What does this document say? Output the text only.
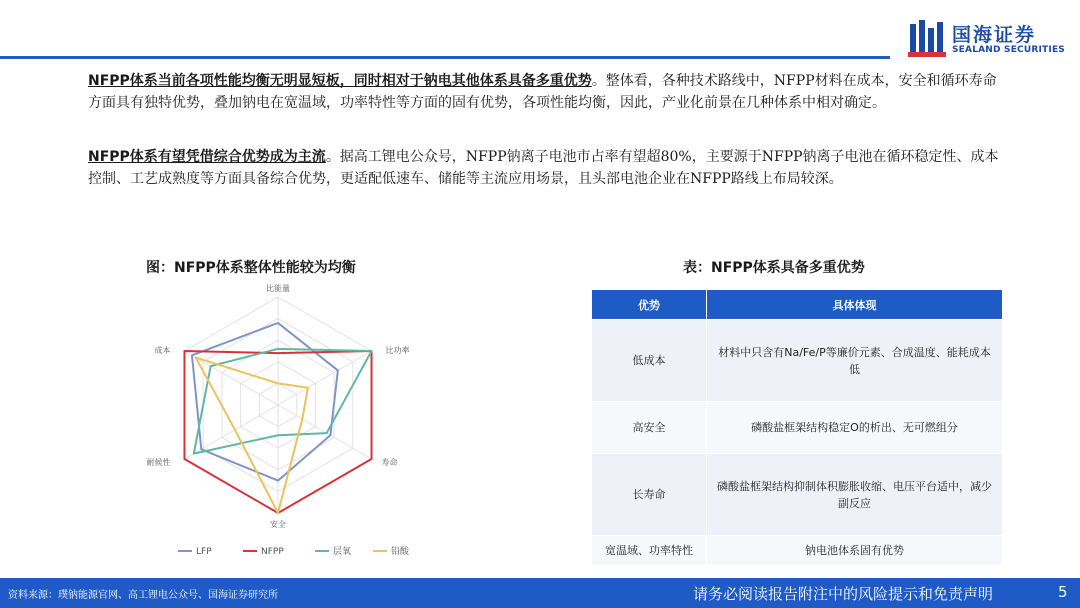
国海证券
SEALAND SECURITIES
NFPP体系当前各项性能均衡无明显短板，同时相对于钠电其他体系具备多重优势。整体看，各种技术路线中，NFPP材料在成本，安全和循环寿命方面具有独特优势，叠加钠电在宽温域，功率特性等方面的固有优势，各项性能均衡，因此，产业化前景在几种体系中相对确定。
NFPP体系有望凭借综合优势成为主流。据高工锂电公众号，NFPP钠离子电池市占率有望超80%，主要源于NFPP钠离子电池在循环稳定性、成本控制、工艺成熟度等方面具备综合优势，更适配低速车、储能等主流应用场景，且头部电池企业在NFPP路线上布局较深。
图：NFPP体系整体性能较为均衡	表：NFPP体系具备多重优势
比能量
比功率
寿命
安全
耐候性
成本
LFP	NFPP	层氧	铅酸
优势	具体体现
低成本	材料中只含有Na/Fe/P等廉价元素、合成温度、能耗成本低
高安全	磷酸盐框架结构稳定O的析出、无可燃组分
长寿命	磷酸盐框架结构抑制体积膨胀收缩、电压平台适中，减少副反应
宽温域、功率特性	钠电池体系固有优势
资料来源：璞钠能源官网、高工锂电公众号、国海证券研究所	请务必阅读报告附注中的风险提示和免责声明	5
